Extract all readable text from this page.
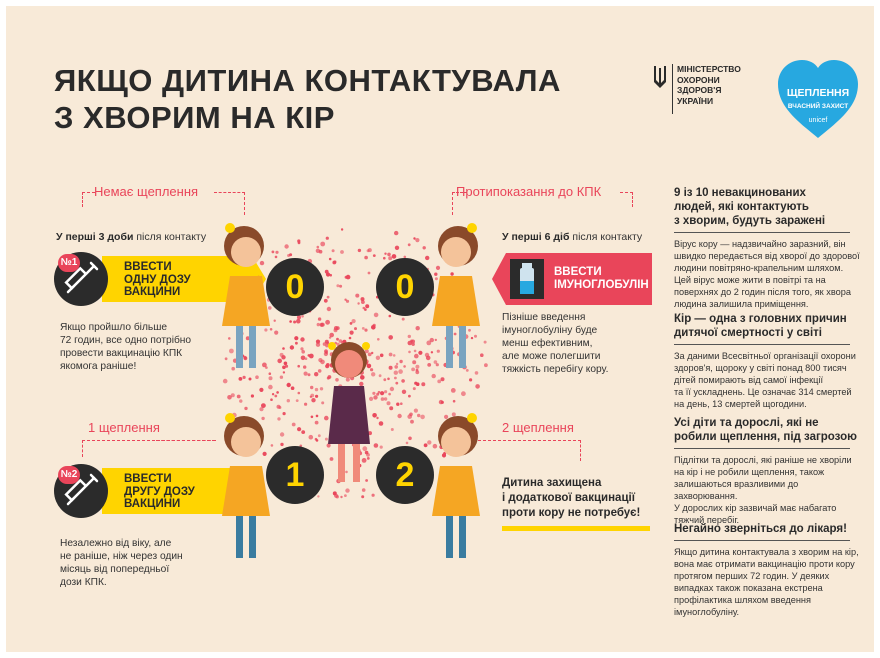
ЯКЩО ДИТИНА КОНТАКТУВАЛА
З ХВОРИМ НА КІР
МІНІСТЕРСТВО
ОХОРОНИ
ЗДОРОВ'Я
УКРАЇНИ
ЩЕПЛЕННЯ
ВЧАСНИЙ ЗАХИСТ
unicef
Немає щеплення	Протипоказання до КПК
У перші 3 доби після контакту	У перші 6 діб після контакту
ВВЕСТИ
ОДНУ ДОЗУ
ВАКЦИНИ
№1
Якщо пройшло більше
72 годин, все одно потрібно
провести вакцинацію КПК
якомога раніше!
ВВЕСТИ
ІМУНОГЛОБУЛІН
Пізніше введення
імуноглобуліну буде
менш ефективним,
але може полегшити
тяжкість перебігу кору.
1 щеплення	2 щеплення
ВВЕСТИ
ДРУГУ ДОЗУ
ВАКЦИНИ
№2
Незалежно від віку, але
не раніше, ніж через один
місяць від попередньої
дози КПК.
Дитина захищена
і додаткової вакцинації
проти кору не потребує!
0	0
1	2
9 із 10 невакцинованих
людей, які контактують
з хворим, будуть заражені
Вірус кору — надзвичайно заразний, він
швидко передається від хворої до здорової
людини повітряно-крапельним шляхом.
Цей вірус може жити в повітрі та на
поверхнях до 2 годин після того, як хвора
людина залишила приміщення.
Кір — одна з головних причин
дитячої смертності у світі
За даними Всесвітньої організації охорони
здоров'я, щороку у світі понад 800 тисяч
дітей помирають від самої інфекції
та її ускладнень. Це означає 314 смертей
на день, 13 смертей щогодини.
Усі діти та дорослі, які не
робили щеплення, під загрозою
Підлітки та дорослі, які раніше не хворіли
на кір і не робили щеплення, також
залишаються вразливими до захворювання.
У дорослих кір зазвичай має набагато
тяжчий перебіг.
Негайно зверніться до лікаря!
Якщо дитина контактувала з хворим на кір,
вона має отримати вакцинацію проти кору
протягом перших 72 годин. У деяких
випадках також показана екстрена
профілактика шляхом введення
імуноглобуліну.
